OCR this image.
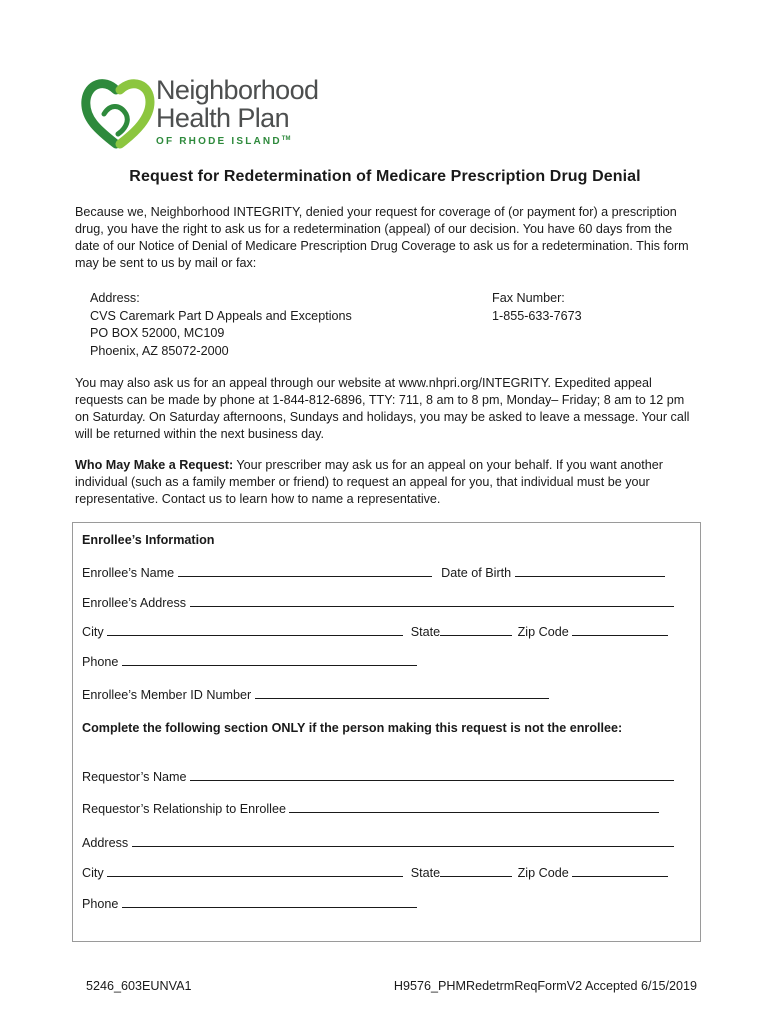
Neighborhood
Health Plan
OF RHODE ISLAND™
Request for Redetermination of Medicare Prescription Drug Denial

Because we, Neighborhood INTEGRITY, denied your request for coverage of (or payment for) a prescription drug, you have the right to ask us for a redetermination (appeal) of our decision. You have 60 days from the date of our Notice of Denial of Medicare Prescription Drug Coverage to ask us for a redetermination. This form may be sent to us by mail or fax:

Address:
CVS Caremark Part D Appeals and Exceptions
PO BOX 52000, MC109
Phoenix, AZ 85072-2000
Fax Number:
1-855-633-7673

You may also ask us for an appeal through our website at www.nhpri.org/INTEGRITY. Expedited appeal requests can be made by phone at 1-844-812-6896, TTY: 711, 8 am to 8 pm, Monday– Friday; 8 am to 12 pm on Saturday. On Saturday afternoons, Sundays and holidays, you may be asked to leave a message. Your call will be returned within the next business day.

Who May Make a Request: Your prescriber may ask us for an appeal on your behalf. If you want another individual (such as a family member or friend) to request an appeal for you, that individual must be your representative. Contact us to learn how to name a representative.

Enrollee’s Information
Enrollee’s Name	Date of Birth
Enrollee’s Address
City	State	Zip Code
Phone
Enrollee’s Member ID Number
Complete the following section ONLY if the person making this request is not the enrollee:
Requestor’s Name
Requestor’s Relationship to Enrollee
Address
City	State	Zip Code
Phone
5246_603EUNVA1	H9576_PHMRedetrmReqFormV2 Accepted 6/15/2019
